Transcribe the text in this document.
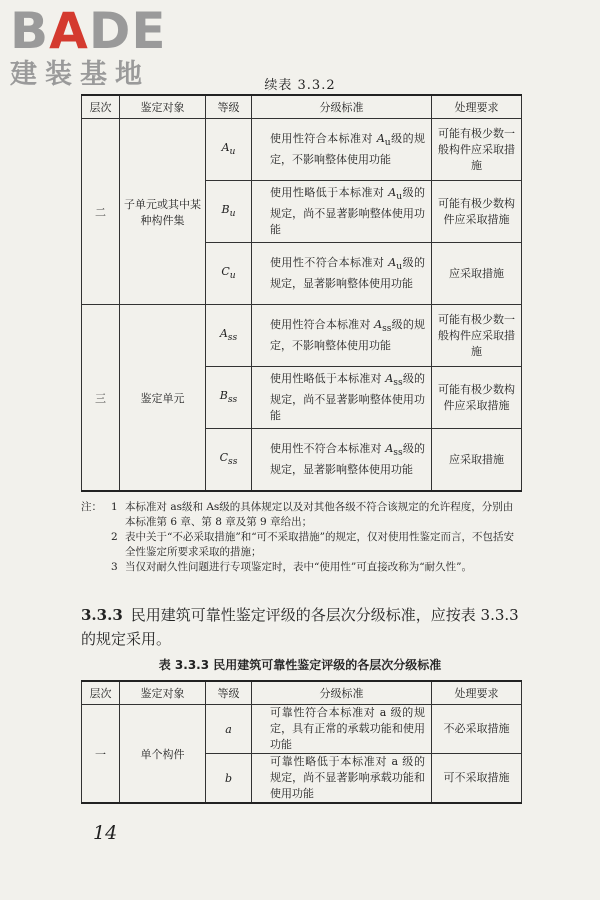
BADE
建装基地	续表 3.3.2
层次	鉴定对象	等级	分级标准	处理要求
二	子单元或其中某种构件集	$A_u$	使用性符合本标准对 $A_u$级的规定，不影响整体使用功能	可能有极少数一般构件应采取措施
		$B_u$	使用性略低于本标准对 $A_u$级的规定，尚不显著影响整体使用功能	可能有极少数构件应采取措施
		$C_u$	使用性不符合本标准对 $A_u$级的规定，显著影响整体使用功能	应采取措施
三	鉴定单元	$A_{ss}$	使用性符合本标准对 $A_{ss}$级的规定，不影响整体使用功能	可能有极少数一般构件应采取措施
		$B_{ss}$	使用性略低于本标准对 $A_{ss}$级的规定，尚不显著影响整体使用功能	可能有极少数构件应采取措施
		$C_{ss}$	使用性不符合本标准对 $A_{ss}$级的规定，显著影响整体使用功能	应采取措施
注： 1 本标准对 as级和 As级的具体规定以及对其他各级不符合该规定的允许程度，分别由本标准第 6 章、第 8 章及第 9 章给出；
2 表中关于“不必采取措施”和“可不采取措施”的规定，仅对使用性鉴定而言，不包括安全性鉴定所要求采取的措施；
3 当仅对耐久性问题进行专项鉴定时，表中“使用性”可直接改称为“耐久性”。
3.3.3 民用建筑可靠性鉴定评级的各层次分级标准，应按表 3.3.3 的规定采用。
表 3.3.3 民用建筑可靠性鉴定评级的各层次分级标准
层次	鉴定对象	等级	分级标准	处理要求
一	单个构件	a	可靠性符合本标准对 a 级的规定，具有正常的承载功能和使用功能	不必采取措施
		b	可靠性略低于本标准对 a 级的规定，尚不显著影响承载功能和使用功能	可不采取措施
14
